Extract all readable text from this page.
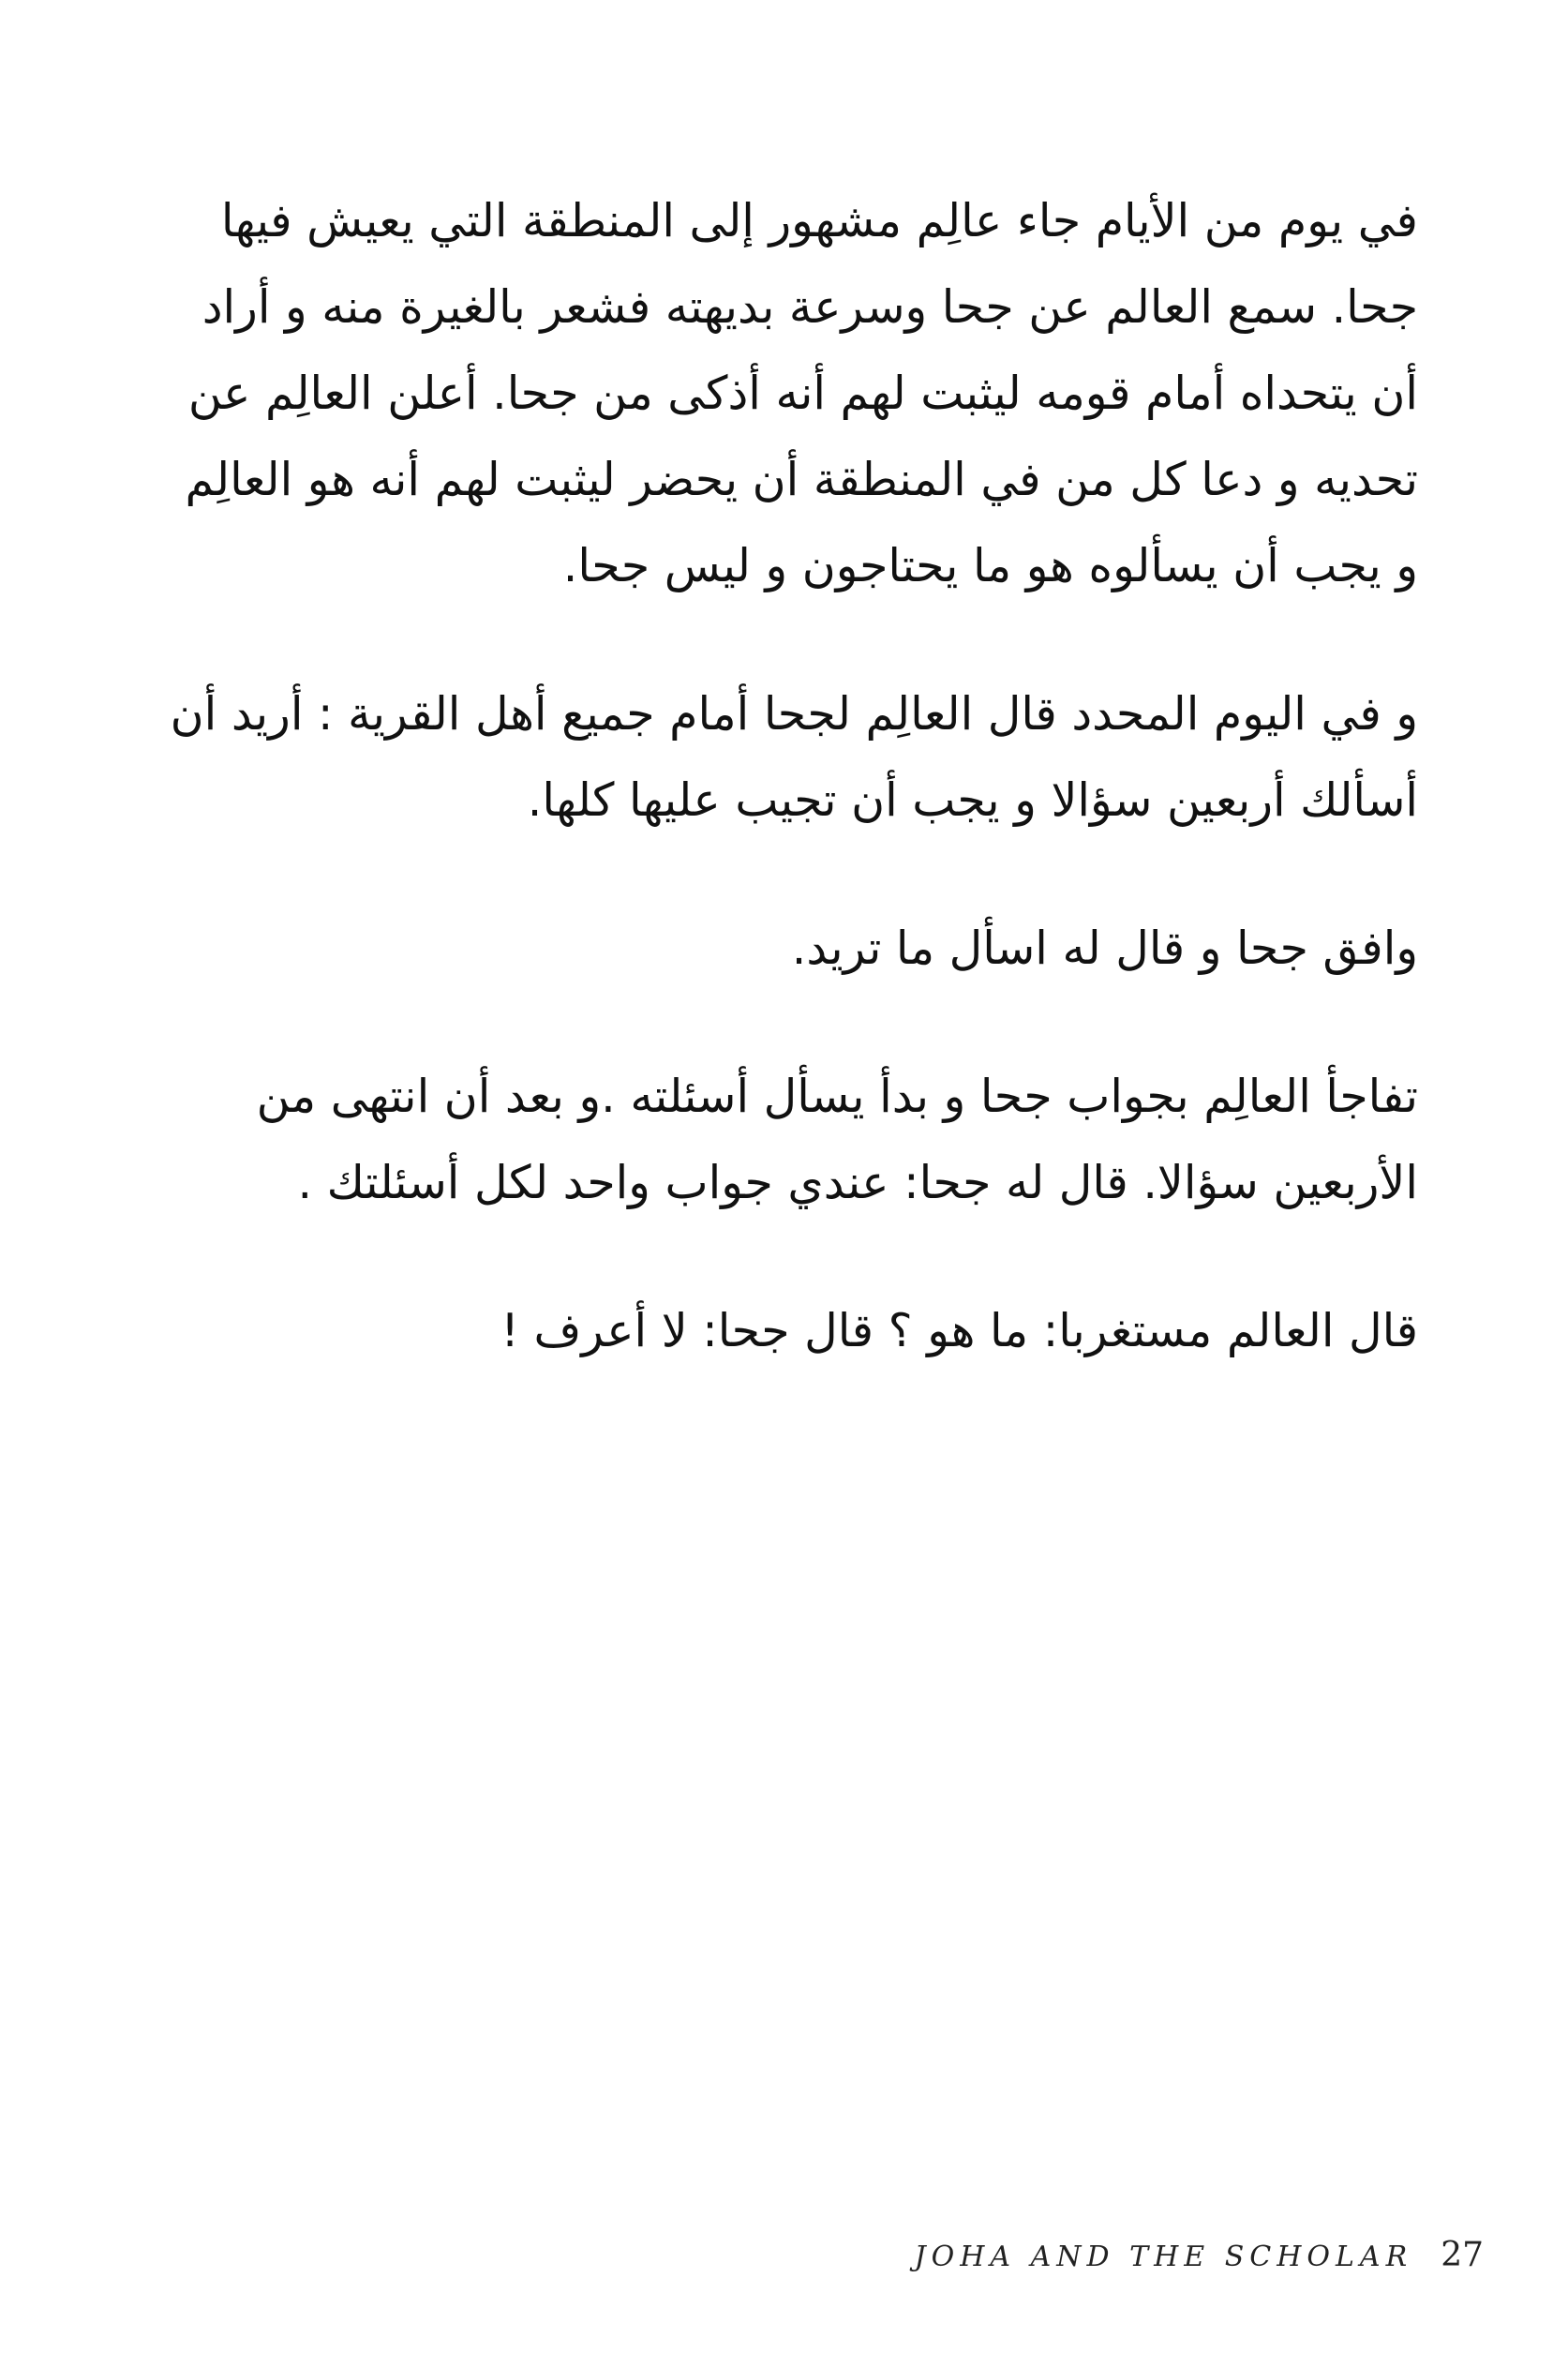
في يوم من الأيام جاء عالِم مشهور إلى المنطقة التي يعيش فيها
جحا. سمع العالم عن جحا وسرعة بديهته فشعر بالغيرة منه و أراد
أن يتحداه أمام قومه ليثبت لهم أنه أذكى من جحا. أعلن العالِم عن
تحديه و دعا كل من في المنطقة أن يحضر ليثبت لهم أنه هو العالِم
و يجب أن يسألوه هو ما يحتاجون و ليس جحا.

و في اليوم المحدد قال العالِم لجحا أمام جميع أهل القرية : أريد أن
أسألك أربعين سؤالا و يجب أن تجيب عليها كلها.

وافق جحا و قال له اسأل ما تريد.

تفاجأ العالِم بجواب جحا و بدأ يسأل أسئلته .و بعد أن انتهى من
الأربعين سؤالا. قال له جحا: عندي جواب واحد لكل أسئلتك .

قال العالم مستغربا: ما هو ؟ قال جحا: لا أعرف !

JOHA AND THE SCHOLAR 27
